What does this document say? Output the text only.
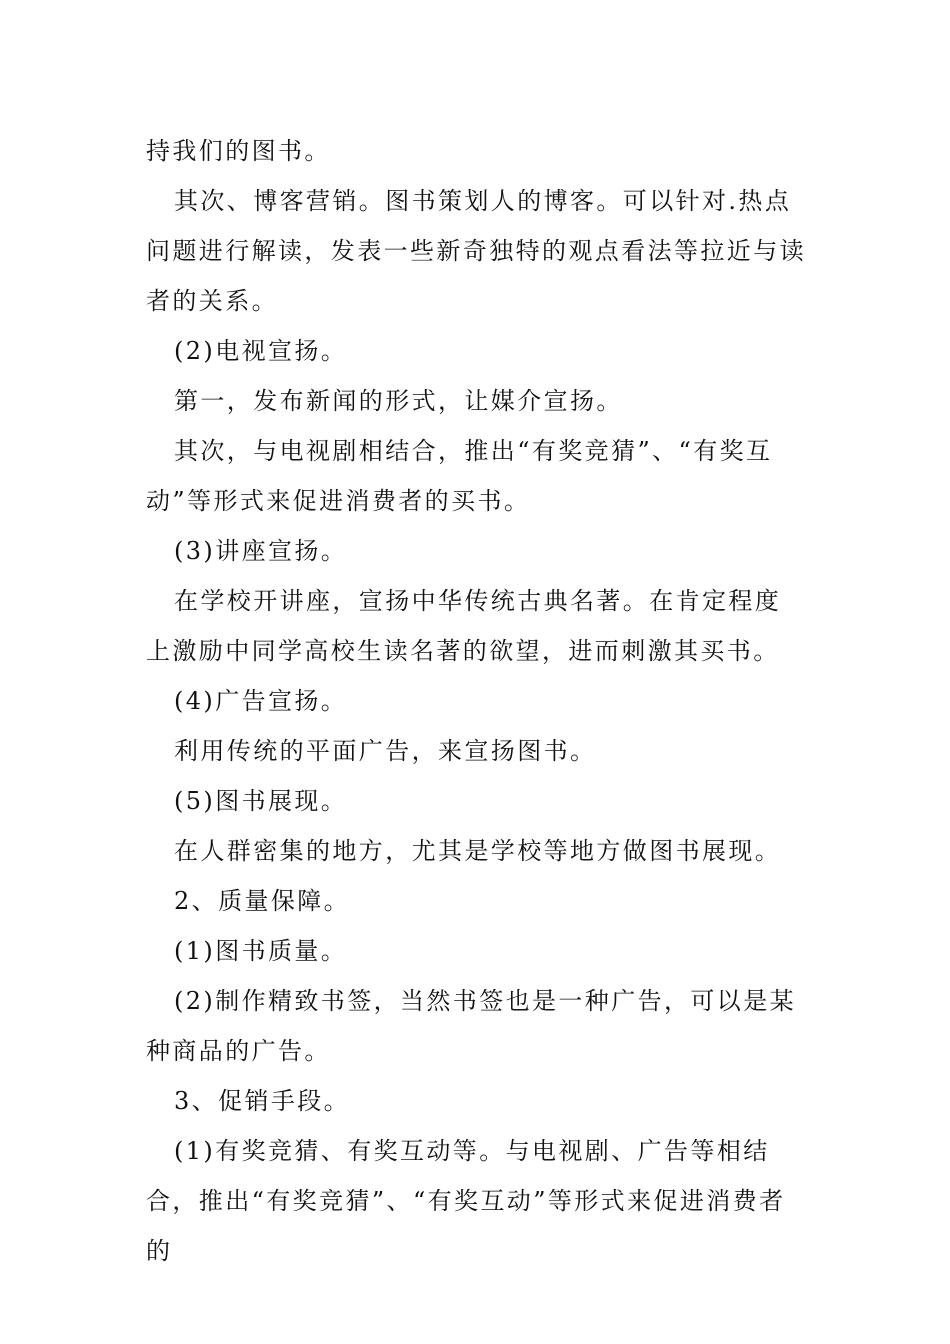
持我们的图书。

其次、博客营销。图书策划人的博客。可以针对.热点问题进行解读，发表一些新奇独特的观点看法等拉近与读者的关系。

(2)电视宣扬。

第一，发布新闻的形式，让媒介宣扬。

其次，与电视剧相结合，推出“有奖竞猜”、“有奖互动”等形式来促进消费者的买书。

(3)讲座宣扬。

在学校开讲座，宣扬中华传统古典名著。在肯定程度上激励中同学高校生读名著的欲望，进而刺激其买书。

(4)广告宣扬。

利用传统的平面广告，来宣扬图书。

(5)图书展现。

在人群密集的地方，尤其是学校等地方做图书展现。

2、质量保障。

(1)图书质量。

(2)制作精致书签，当然书签也是一种广告，可以是某种商品的广告。

3、促销手段。

(1)有奖竞猜、有奖互动等。与电视剧、广告等相结合，推出“有奖竞猜”、“有奖互动”等形式来促进消费者的
